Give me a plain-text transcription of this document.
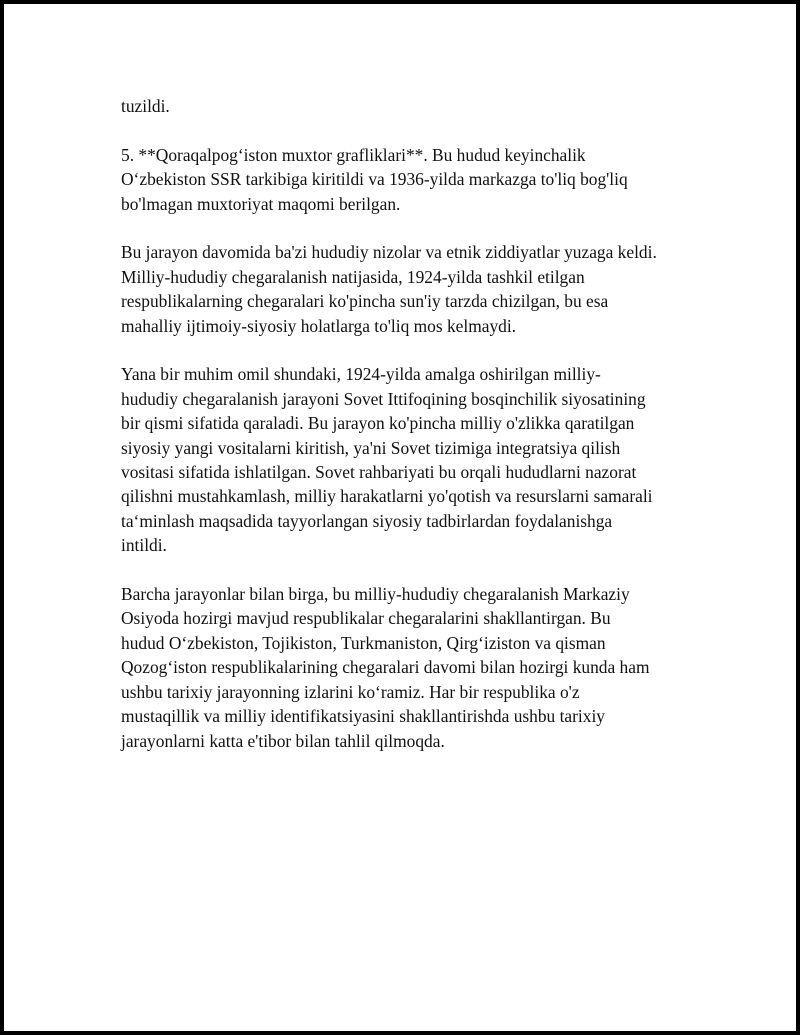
tuzildi.

5. **Qoraqalpog‘iston muxtor grafliklari**. Bu hudud keyinchalik
O‘zbekiston SSR tarkibiga kiritildi va 1936-yilda markazga to'liq bog'liq
bo'lmagan muxtoriyat maqomi berilgan.

Bu jarayon davomida ba'zi hududiy nizolar va etnik ziddiyatlar yuzaga keldi.
Milliy-hududiy chegaralanish natijasida, 1924-yilda tashkil etilgan
respublikalarning chegaralari ko'pincha sun'iy tarzda chizilgan, bu esa
mahalliy ijtimoiy-siyosiy holatlarga to'liq mos kelmaydi.

Yana bir muhim omil shundaki, 1924-yilda amalga oshirilgan milliy-
hududiy chegaralanish jarayoni Sovet Ittifoqining bosqinchilik siyosatining
bir qismi sifatida qaraladi. Bu jarayon ko'pincha milliy o'zlikka qaratilgan
siyosiy yangi vositalarni kiritish, ya'ni Sovet tizimiga integratsiya qilish
vositasi sifatida ishlatilgan. Sovet rahbariyati bu orqali hududlarni nazorat
qilishni mustahkamlash, milliy harakatlarni yo'qotish va resurslarni samarali
ta‘minlash maqsadida tayyorlangan siyosiy tadbirlardan foydalanishga
intildi.

Barcha jarayonlar bilan birga, bu milliy-hududiy chegaralanish Markaziy
Osiyoda hozirgi mavjud respublikalar chegaralarini shakllantirgan. Bu
hudud O‘zbekiston, Tojikiston, Turkmaniston, Qirg‘iziston va qisman
Qozog‘iston respublikalarining chegaralari davomi bilan hozirgi kunda ham
ushbu tarixiy jarayonning izlarini ko‘ramiz. Har bir respublika o'z
mustaqillik va milliy identifikatsiyasini shakllantirishda ushbu tarixiy
jarayonlarni katta e'tibor bilan tahlil qilmoqda.
